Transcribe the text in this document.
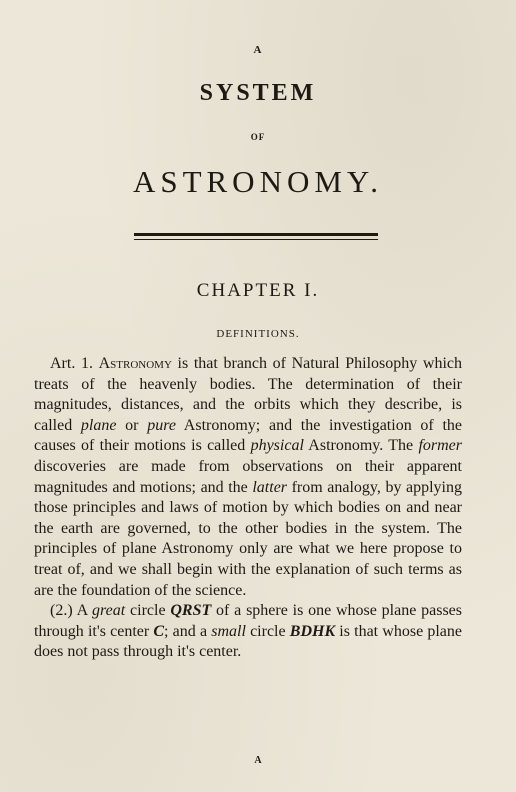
A
SYSTEM
OF
ASTRONOMY.
CHAPTER I.
DEFINITIONS.

Art. 1. Astronomy is that branch of Natural Philosophy which treats of the heavenly bodies. The determination of their magnitudes, distances, and the orbits which they describe, is called plane or pure Astronomy; and the investigation of the causes of their motions is called physical Astronomy. The former discoveries are made from observations on their apparent magnitudes and motions; and the latter from analogy, by applying those principles and laws of motion by which bodies on and near the earth are governed, to the other bodies in the system. The principles of plane Astronomy only are what we here propose to treat of, and we shall begin with the explanation of such terms as are the foundation of the science.

(2.) A great circle QRST of a sphere is one whose plane passes through it's center C; and a small circle BDHK is that whose plane does not pass through it's center.

A
